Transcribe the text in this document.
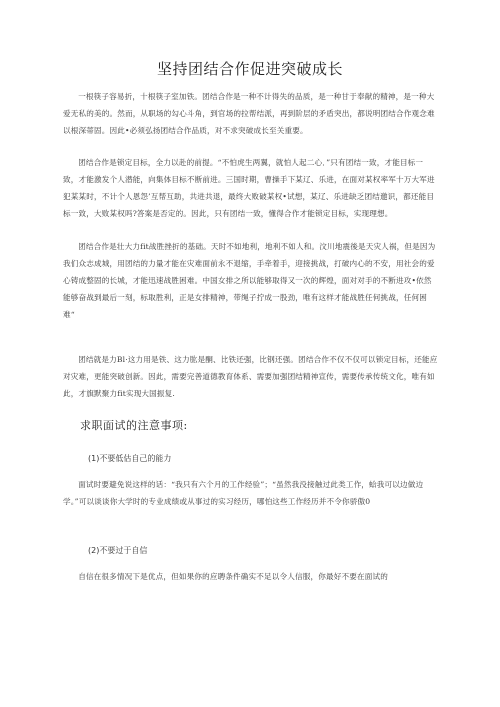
坚持团结合作促进突破成长

一根筷子容易折，十根筷子室加铁。团结合作是一种不计得失的品质，是一种甘于奉献的精神，是一种大爱无私的美的。然而，从职场的勾心斗角，到官场的拉帮结派，再到阶层的矛盾突出，都说明团结合作观念难以根深蒂固。因此•必须弘扬团结合作品质，对不求突破成长至关重要。

团结合作是锁定目标，全力以赴的前提。“不怕虎生两翼，就怕人起二心．”只有团结一致，才能目标一致，才能激发个人潜能，向集体目标不断前进。三国时期，曹操手下某辽、乐进，在面对某权率军十万大军进犯某某时，不计个人恩怨’互帮互助，共进共退，最终大败破某权•试想，某辽、乐进缺乏团结邀识，都还能目标一致，大败某权吗?答案是否定的。因此，只有团结一致，懂得合作才能锁定目标，实现理想。

团结合作是壮大力fit战胜挫折的基础。天时不如地利，地利不如人和。汶川地震後是天灾人祸，但是因为我们众志成城，用团结的力量才能在灾难面前永不退缩，手牵着手，迎接挑战，打破内心的不安，用社会的爱心铸成整固的长城，才能迅速战胜困难。中国女排之所以能够取得又一次的辉煌，面对对手的不断进攻•依然能够奋战到最后一刻，标取胜利，正是女排精神，带绳子拧成一股劲，唯有这样才能战胜任何挑战，任何困难“

团结就是力Bl·这力用是铁、这力肱是酮、比铁还强，比钢还强。团结合作不仅不仅可以锁定目标，还能应对灾难，更能突破创新。因此，需要完善道德教育体系、需要加强团结精神宣传，需要传承传统文化，唯有如此，才旗默聚力fit实现大国振复.

求职面试的注意事项:
(1)不要低估自己的能力

面试时要避免说这样的话：“我只有六个月的工作经验”；“虽然我没接触过此类工作，蛤我可以边做边学。”可以谈谈你大学时的专业成绩或从事过的实习经历，哪怕这些工作经历并不令你骄傲0

(2)不要过于自信

自信在很多情况下是优点，但如果你的应聘条件确实不足以令人信服，你最好不要在面试的
